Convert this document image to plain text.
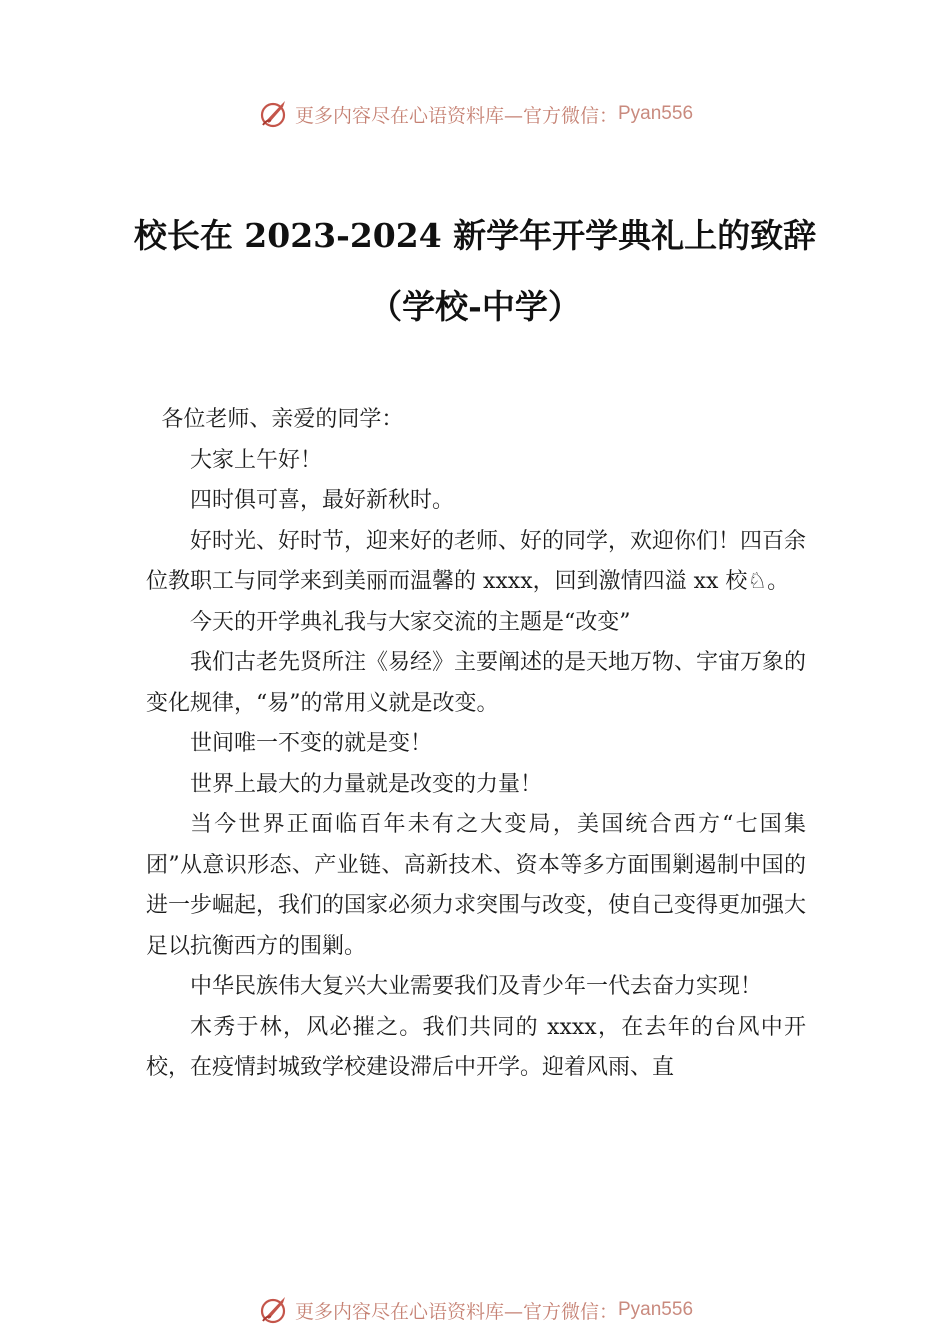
更多内容尽在心语资料库 —官方微信： Pyan556
校长在 2023-2024 新学年开学典礼上的致辞
（学校-中学）

各位老师、亲爱的同学：

大家上午好！

四时俱可喜，最好新秋时。

好时光、好时节，迎来好的老师、好的同学，欢迎你们！四百余位教职工与同学来到美丽而温馨的 xxxx，回到激情四溢 xx 校♘。

今天的开学典礼我与大家交流的主题是“改变”

我们古老先贤所注《易经》主要阐述的是天地万物、宇宙万象的变化规律，“易”的常用义就是改变。

世间唯一不变的就是变！

世界上最大的力量就是改变的力量！

当今世界正面临百年未有之大变局，美国统合西方“七国集团”从意识形态、产业链、高新技术、资本等多方面围剿遏制中国的进一步崛起，我们的国家必须力求突围与改变，使自己变得更加强大足以抗衡西方的围剿。

中华民族伟大复兴大业需要我们及青少年一代去奋力实现！

木秀于林，风必摧之。我们共同的 xxxx，在去年的台风中开校，在疫情封城致学校建设滞后中开学。迎着风雨、直

更多内容尽在心语资料库 —官方微信： Pyan556
